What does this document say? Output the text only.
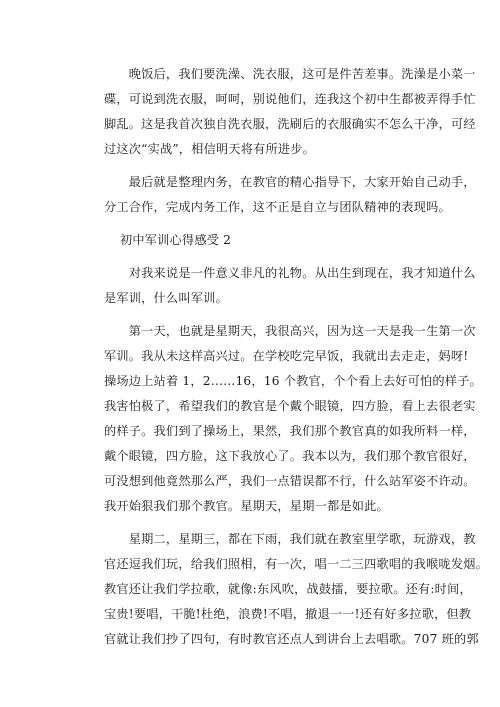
　　晚饭后，我们要洗澡、洗衣服，这可是件苦差事。洗澡是小菜一
碟，可说到洗衣服，呵呵，别说他们，连我这个初中生都被弄得手忙
脚乱。这是我首次独自洗衣服，洗刷后的衣服确实不怎么干净，可经
过这次“实战”，相信明天将有所进步。

　　最后就是整理内务，在教官的精心指导下，大家开始自己动手，
分工合作，完成内务工作，这不正是自立与团队精神的表现吗。

初中军训心得感受 2

　　对我来说是一件意义非凡的礼物。从出生到现在，我才知道什么
是军训，什么叫军训。

　　第一天，也就是星期天，我很高兴，因为这一天是我一生第一次
军训。我从未这样高兴过。在学校吃完早饭，我就出去走走，妈呀!
操场边上站着 1，2……16，16 个教官，个个看上去好可怕的样子。
我害怕极了，希望我们的教官是个戴个眼镜，四方脸，看上去很老实
的样子。我们到了操场上，果然，我们那个教官真的如我所料一样，
戴个眼镜，四方脸，这下我放心了。我本以为，我们那个教官很好，
可没想到他竟然那么严，我们一点错误都不行，什么站军姿不许动。
我开始狠我们那个教官。星期天，星期一都是如此。

　　星期二，星期三，都在下雨，我们就在教室里学歌，玩游戏，教
官还逗我们玩，给我们照相，有一次，唱一二三四歌唱的我喉咙发烟。
教官还让我们学拉歌，就像:东风吹，战鼓擂，要拉歌。还有:时间，
宝贵!要唱，干脆!杜绝，浪费!不唱，撤退一一!还有好多拉歌，但教
官就让我们抄了四句，有时教官还点人到讲台上去唱歌。707 班的郭
